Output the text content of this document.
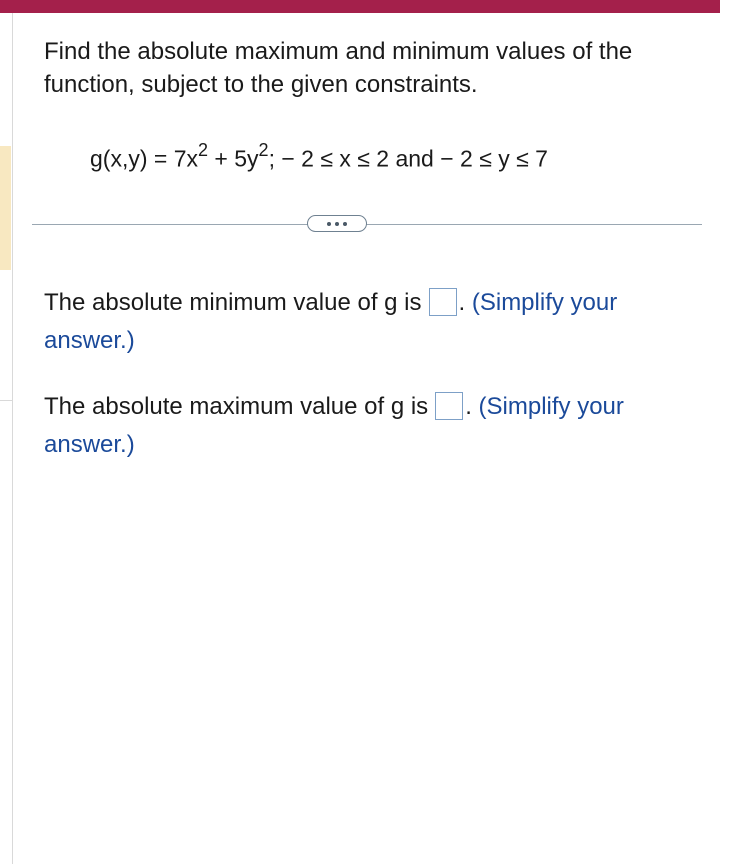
Find the absolute maximum and minimum values of the function, subject to the given constraints.
$g(x,y) = 7x^2 + 5y^2$; − 2 ≤ x ≤ 2 and − 2 ≤ y ≤ 7
The absolute minimum value of g is . (Simplify your answer.)
The absolute maximum value of g is . (Simplify your answer.)
